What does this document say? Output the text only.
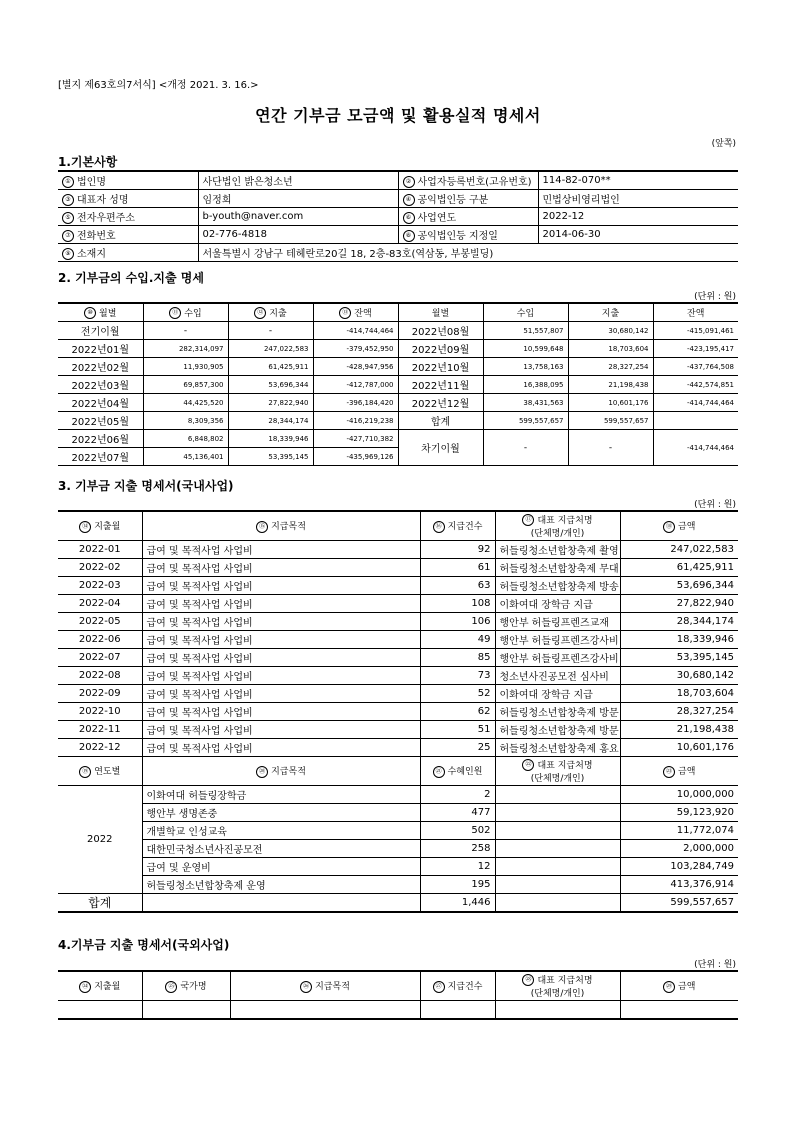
[별지 제63호의7서식] <개정 2021. 3. 16.>
연간 기부금 모금액 및 활용실적 명세서
(앞쪽)
1.기본사항
① 법인명	사단법인 밝은청소년	② 사업자등록번호(고유번호)	114-82-070**
③ 대표자 성명	임정희	④ 공익법인등 구분	민법상비영리법인
⑤ 전자우편주소	b-youth@naver.com	⑥ 사업연도	2022-12
⑦ 전화번호	02-776-4818	⑧ 공익법인등 지정일	2014-06-30
⑨ 소재지	서울특별시 강남구 테헤란로20길 18, 2층-83호(역삼동, 부봉빌딩)		
2. 기부금의 수입.지출 명세
(단위 : 원)
⑩ 월별	⑪ 수입	⑫ 지출	⑬ 잔액	월별	수입	지출	잔액
전기이월	-	-	-414,744,464	2022년08월	51,557,807	30,680,142	-415,091,461
2022년01월	282,314,097	247,022,583	-379,452,950	2022년09월	10,599,648	18,703,604	-423,195,417
2022년02월	11,930,905	61,425,911	-428,947,956	2022년10월	13,758,163	28,327,254	-437,764,508
2022년03월	69,857,300	53,696,344	-412,787,000	2022년11월	16,388,095	21,198,438	-442,574,851
2022년04월	44,425,520	27,822,940	-396,184,420	2022년12월	38,431,563	10,601,176	-414,744,464
2022년05월	8,309,356	28,344,174	-416,219,238	합계	599,557,657	599,557,657	
2022년06월	6,848,802	18,339,946	-427,710,382	차기이월	-	-	-414,744,464
2022년07월	45,136,401	53,395,145	-435,969,126				
3. 기부금 지출 명세서(국내사업)
(단위 : 원)
⑭ 지출월	⑮ 지급목적	⑯ 지급건수	⑰ 대표 지급처명
(단체명/개인)	⑱ 금액
2022-01	급여 및 목적사업 사업비	92	허들링청소년합창축제 촬영	247,022,583
2022-02	급여 및 목적사업 사업비	61	허들링청소년합창축제 무대	61,425,911
2022-03	급여 및 목적사업 사업비	63	허들링청소년합창축제 방송	53,696,344
2022-04	급여 및 목적사업 사업비	108	이화여대 장학금 지급	27,822,940
2022-05	급여 및 목적사업 사업비	106	행안부 허들링프렌즈교재	28,344,174
2022-06	급여 및 목적사업 사업비	49	행안부 허들링프렌즈강사비	18,339,946
2022-07	급여 및 목적사업 사업비	85	행안부 허들링프렌즈강사비	53,395,145
2022-08	급여 및 목적사업 사업비	73	청소년사진공모전 심사비	30,680,142
2022-09	급여 및 목적사업 사업비	52	이화여대 장학금 지급	18,703,604
2022-10	급여 및 목적사업 사업비	62	허들링청소년합창축제 방문	28,327,254
2022-11	급여 및 목적사업 사업비	51	허들링청소년합창축제 방문	21,198,438
2022-12	급여 및 목적사업 사업비	25	허들링청소년합창축제 홍요	10,601,176
⑲ 연도별	⑳ 지급목적	㉑ 수혜인원	㉒ 대표 지급처명
(단체명/개인)	㉓ 금액
2022	이화여대 허들링장학금	2		10,000,000
	행안부 생명존중	477		59,123,920
	개별학교 인성교육	502		11,772,074
	대한민국청소년사진공모전	258		2,000,000
	급여 및 운영비	12		103,284,749
	허들링청소년합창축제 운영	195		413,376,914
합계		1,446		599,557,657
4.기부금 지출 명세서(국외사업)
(단위 : 원)
㉔ 지출월	㉕ 국가명	㉖ 지급목적	㉗ 지급건수	㉘ 대표 지급처명
(단체명/개인)	㉙ 금액
